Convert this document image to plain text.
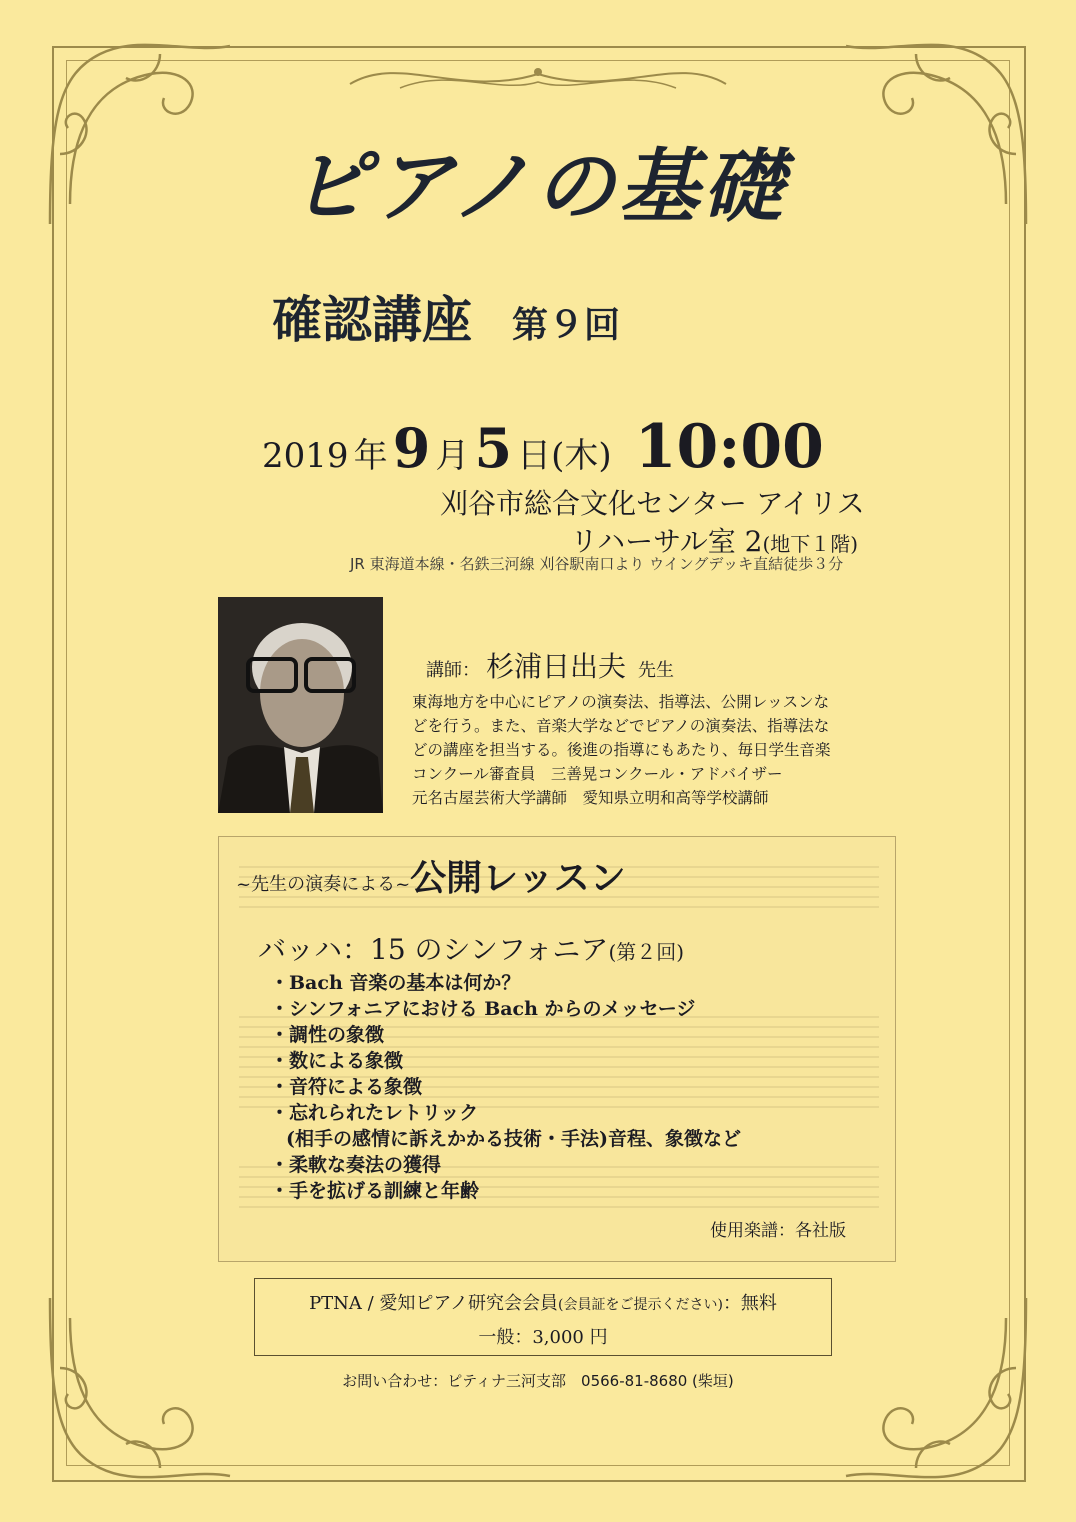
ピアノの基礎
確認講座 第９回
2019 年 9 月 5 日(木) 10:00
刈谷市総合文化センター アイリス
リハーサル室 2(地下１階)
JR 東海道本線・名鉄三河線 刈谷駅南口より ウイングデッキ直結徒歩３分
講師： 杉浦日出夫 先生
東海地方を中心にピアノの演奏法、指導法、公開レッスンな
どを行う。また、音楽大学などでピアノの演奏法、指導法な
どの講座を担当する。後進の指導にもあたり、毎日学生音楽
コンクール審査員　三善晃コンクール・アドバイザー
元名古屋芸術大学講師　愛知県立明和高等学校講師
~先生の演奏による~公開レッスン
バッハ：15 のシンフォニア(第２回)
・Bach 音楽の基本は何か？
・シンフォニアにおける Bach からのメッセージ
・調性の象徴
・数による象徴
・音符による象徴
・忘れられたレトリック
(相手の感情に訴えかかる技術・手法)音程、象徴など
・柔軟な奏法の獲得
・手を拡げる訓練と年齢
使用楽譜：各社版
PTNA / 愛知ピアノ研究会会員(会員証をご提示ください)：無料
一般：3,000 円
お問い合わせ：ピティナ三河支部　0566-81-8680 (柴垣)
